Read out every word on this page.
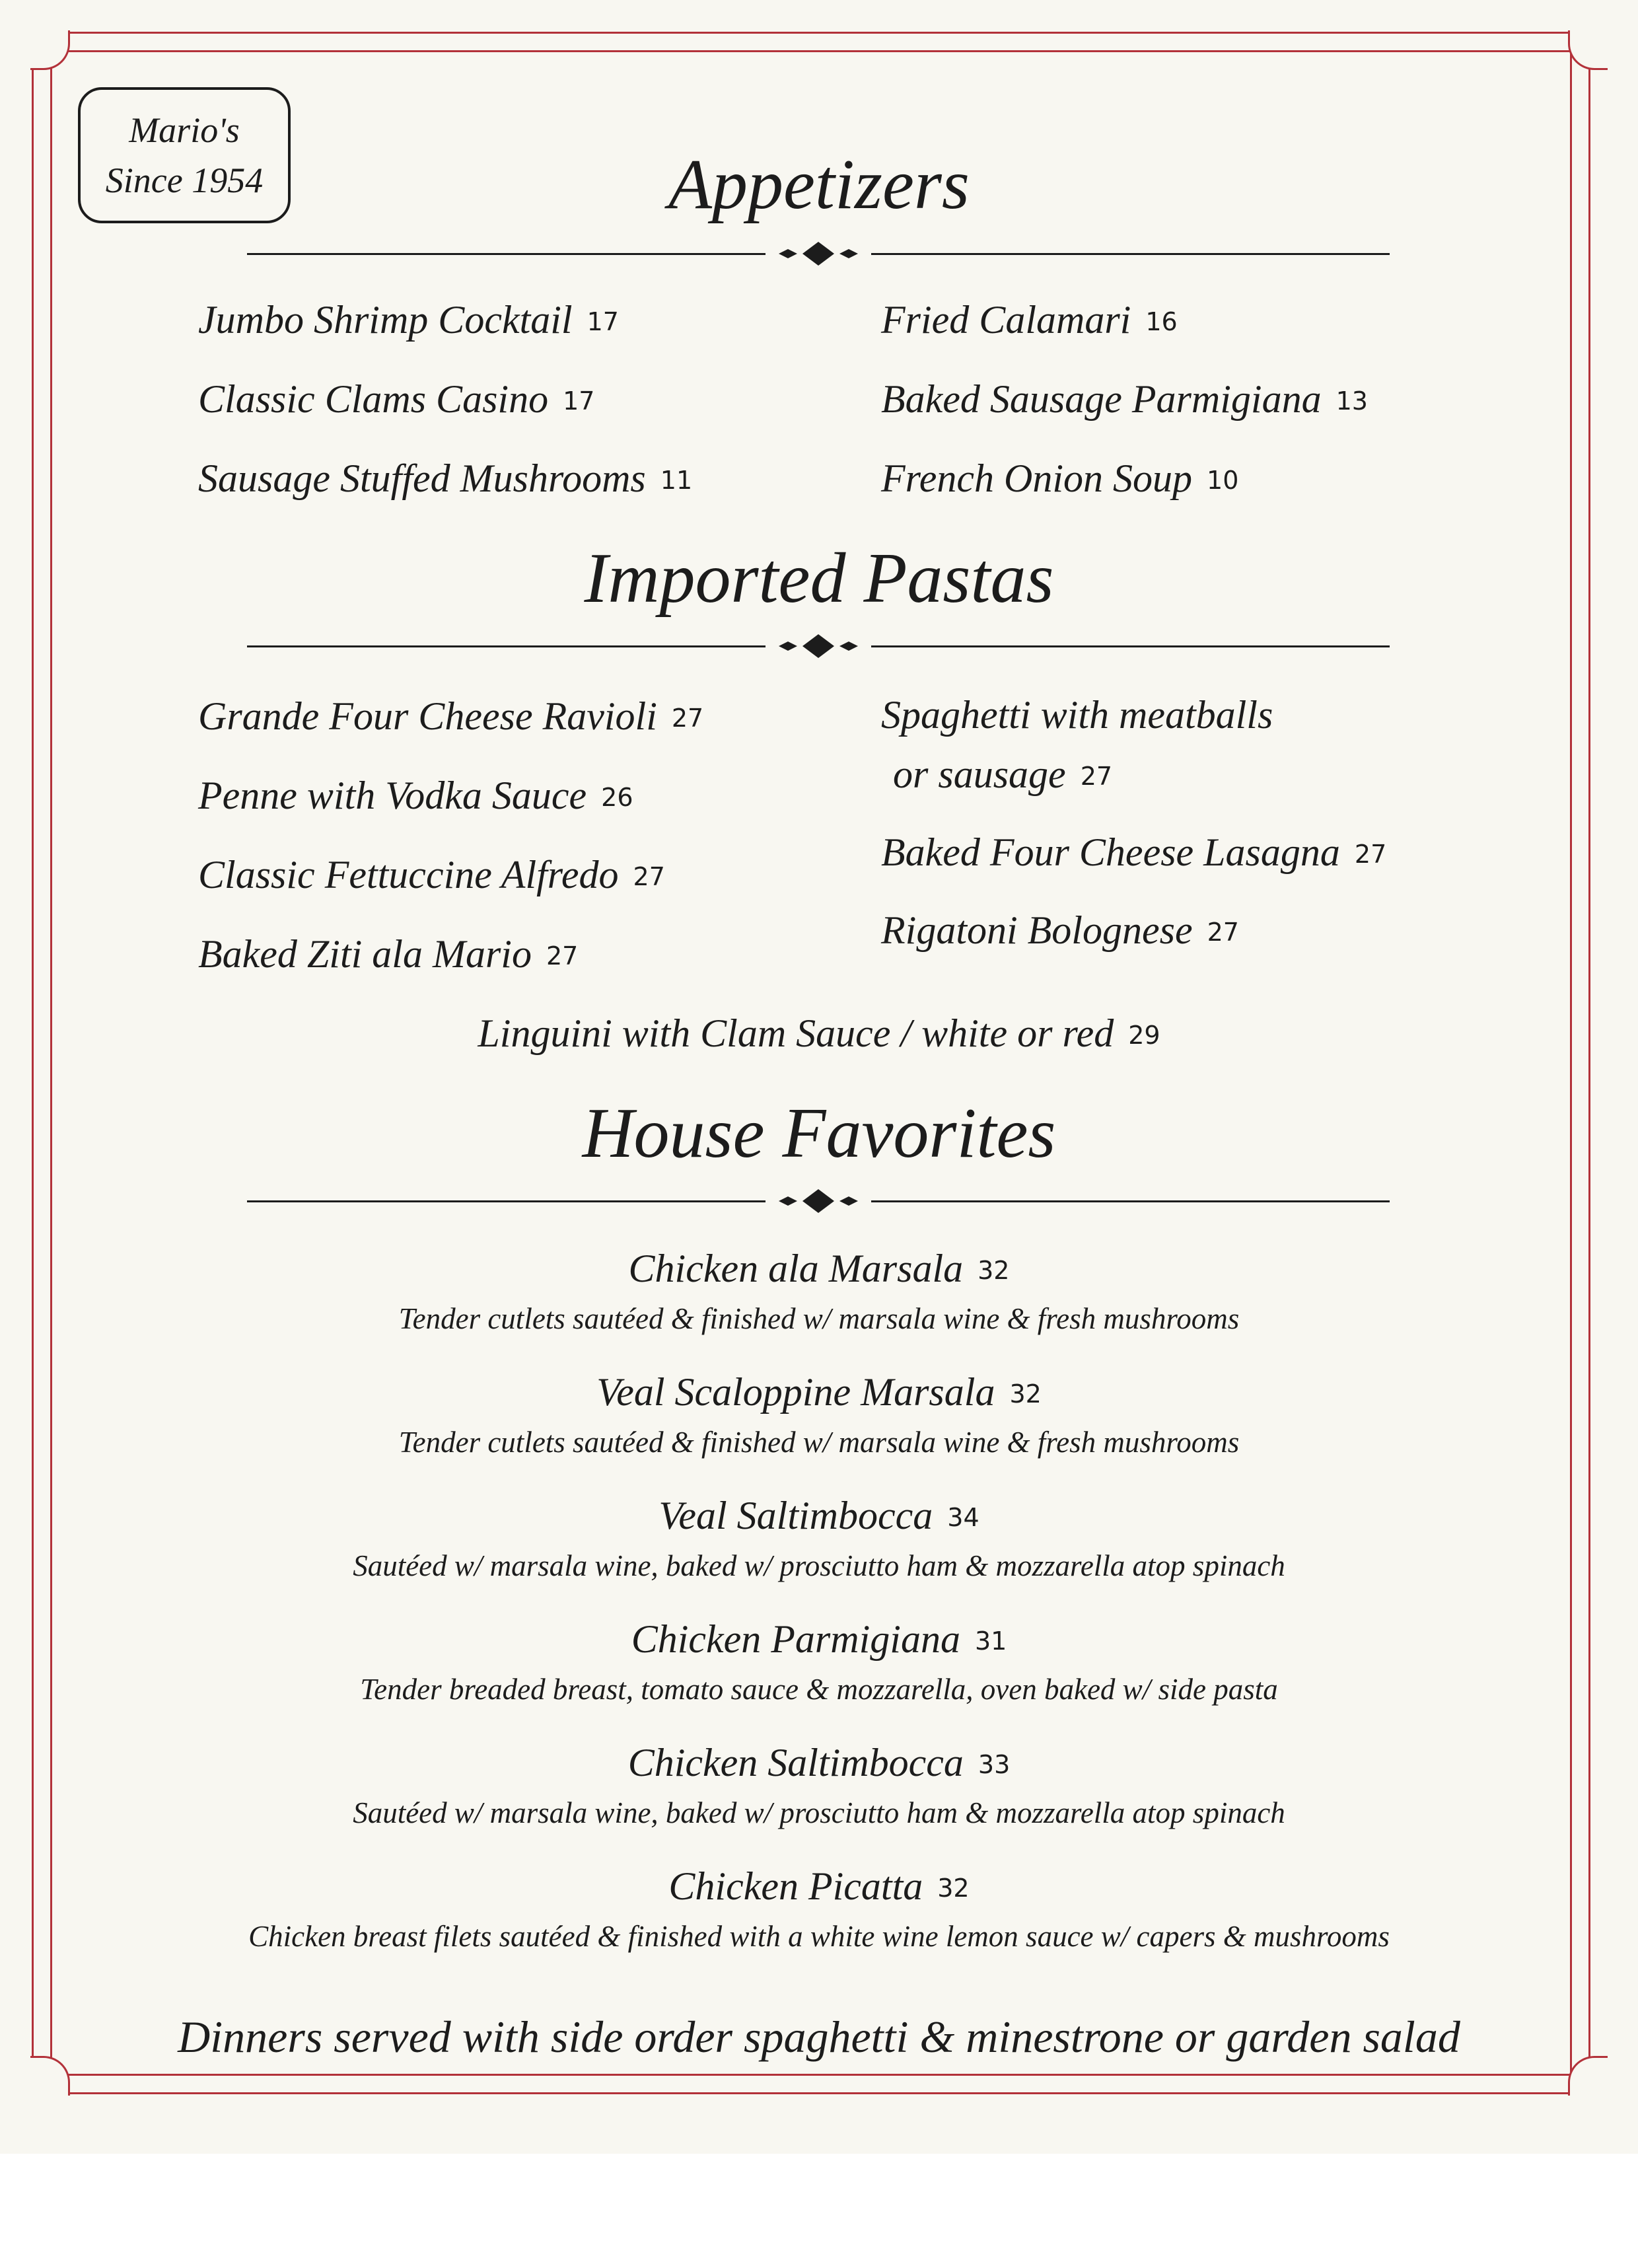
Mario's
Since 1954	Appetizers
Jumbo Shrimp Cocktail 17
Classic Clams Casino 17
Sausage Stuffed Mushrooms 11
Fried Calamari 16
Baked Sausage Parmigiana 13
French Onion Soup 10
Imported Pastas
Grande Four Cheese Ravioli 27
Penne with Vodka Sauce 26
Classic Fettuccine Alfredo 27
Baked Ziti ala Mario 27
Spaghetti with meatballs
or sausage 27
Baked Four Cheese Lasagna 27
Rigatoni Bolognese 27
Linguini with Clam Sauce / white or red 29
House Favorites
Chicken ala Marsala 32
Tender cutlets sautéed & finished w/ marsala wine & fresh mushrooms
Veal Scaloppine Marsala 32
Tender cutlets sautéed & finished w/ marsala wine & fresh mushrooms
Veal Saltimbocca 34
Sautéed w/ marsala wine, baked w/ prosciutto ham & mozzarella atop spinach
Chicken Parmigiana 31
Tender breaded breast, tomato sauce & mozzarella, oven baked w/ side pasta
Chicken Saltimbocca 33
Sautéed w/ marsala wine, baked w/ prosciutto ham & mozzarella atop spinach
Chicken Picatta 32
Chicken breast filets sautéed & finished with a white wine lemon sauce w/ capers & mushrooms
Dinners served with side order spaghetti & minestrone or garden salad
